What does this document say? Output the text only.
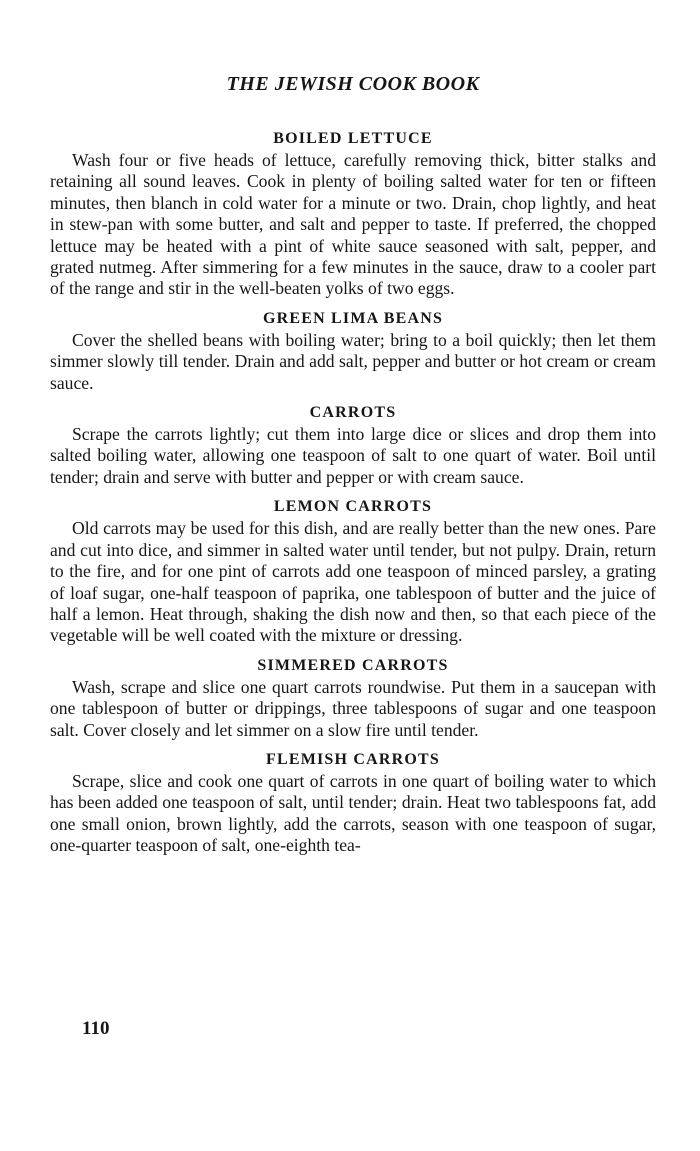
THE JEWISH COOK BOOK
BOILED LETTUCE

Wash four or five heads of lettuce, carefully removing thick, bitter stalks and retaining all sound leaves. Cook in plenty of boiling salted water for ten or fifteen minutes, then blanch in cold water for a minute or two. Drain, chop lightly, and heat in stew-pan with some butter, and salt and pepper to taste. If preferred, the chopped lettuce may be heated with a pint of white sauce seasoned with salt, pepper, and grated nutmeg. After simmering for a few minutes in the sauce, draw to a cooler part of the range and stir in the well-beaten yolks of two eggs.

GREEN LIMA BEANS

Cover the shelled beans with boiling water; bring to a boil quickly; then let them simmer slowly till tender. Drain and add salt, pepper and butter or hot cream or cream sauce.

CARROTS

Scrape the carrots lightly; cut them into large dice or slices and drop them into salted boiling water, allowing one teaspoon of salt to one quart of water. Boil until tender; drain and serve with butter and pepper or with cream sauce.

LEMON CARROTS

Old carrots may be used for this dish, and are really better than the new ones. Pare and cut into dice, and simmer in salted water until tender, but not pulpy. Drain, return to the fire, and for one pint of carrots add one teaspoon of minced parsley, a grating of loaf sugar, one-half teaspoon of paprika, one tablespoon of butter and the juice of half a lemon. Heat through, shaking the dish now and then, so that each piece of the vegetable will be well coated with the mixture or dressing.

SIMMERED CARROTS

Wash, scrape and slice one quart carrots roundwise. Put them in a saucepan with one tablespoon of butter or drippings, three tablespoons of sugar and one teaspoon salt. Cover closely and let simmer on a slow fire until tender.

FLEMISH CARROTS

Scrape, slice and cook one quart of carrots in one quart of boiling water to which has been added one teaspoon of salt, until tender; drain. Heat two tablespoons fat, add one small onion, brown lightly, add the carrots, season with one teaspoon of sugar, one-quarter teaspoon of salt, one-eighth tea-

110
